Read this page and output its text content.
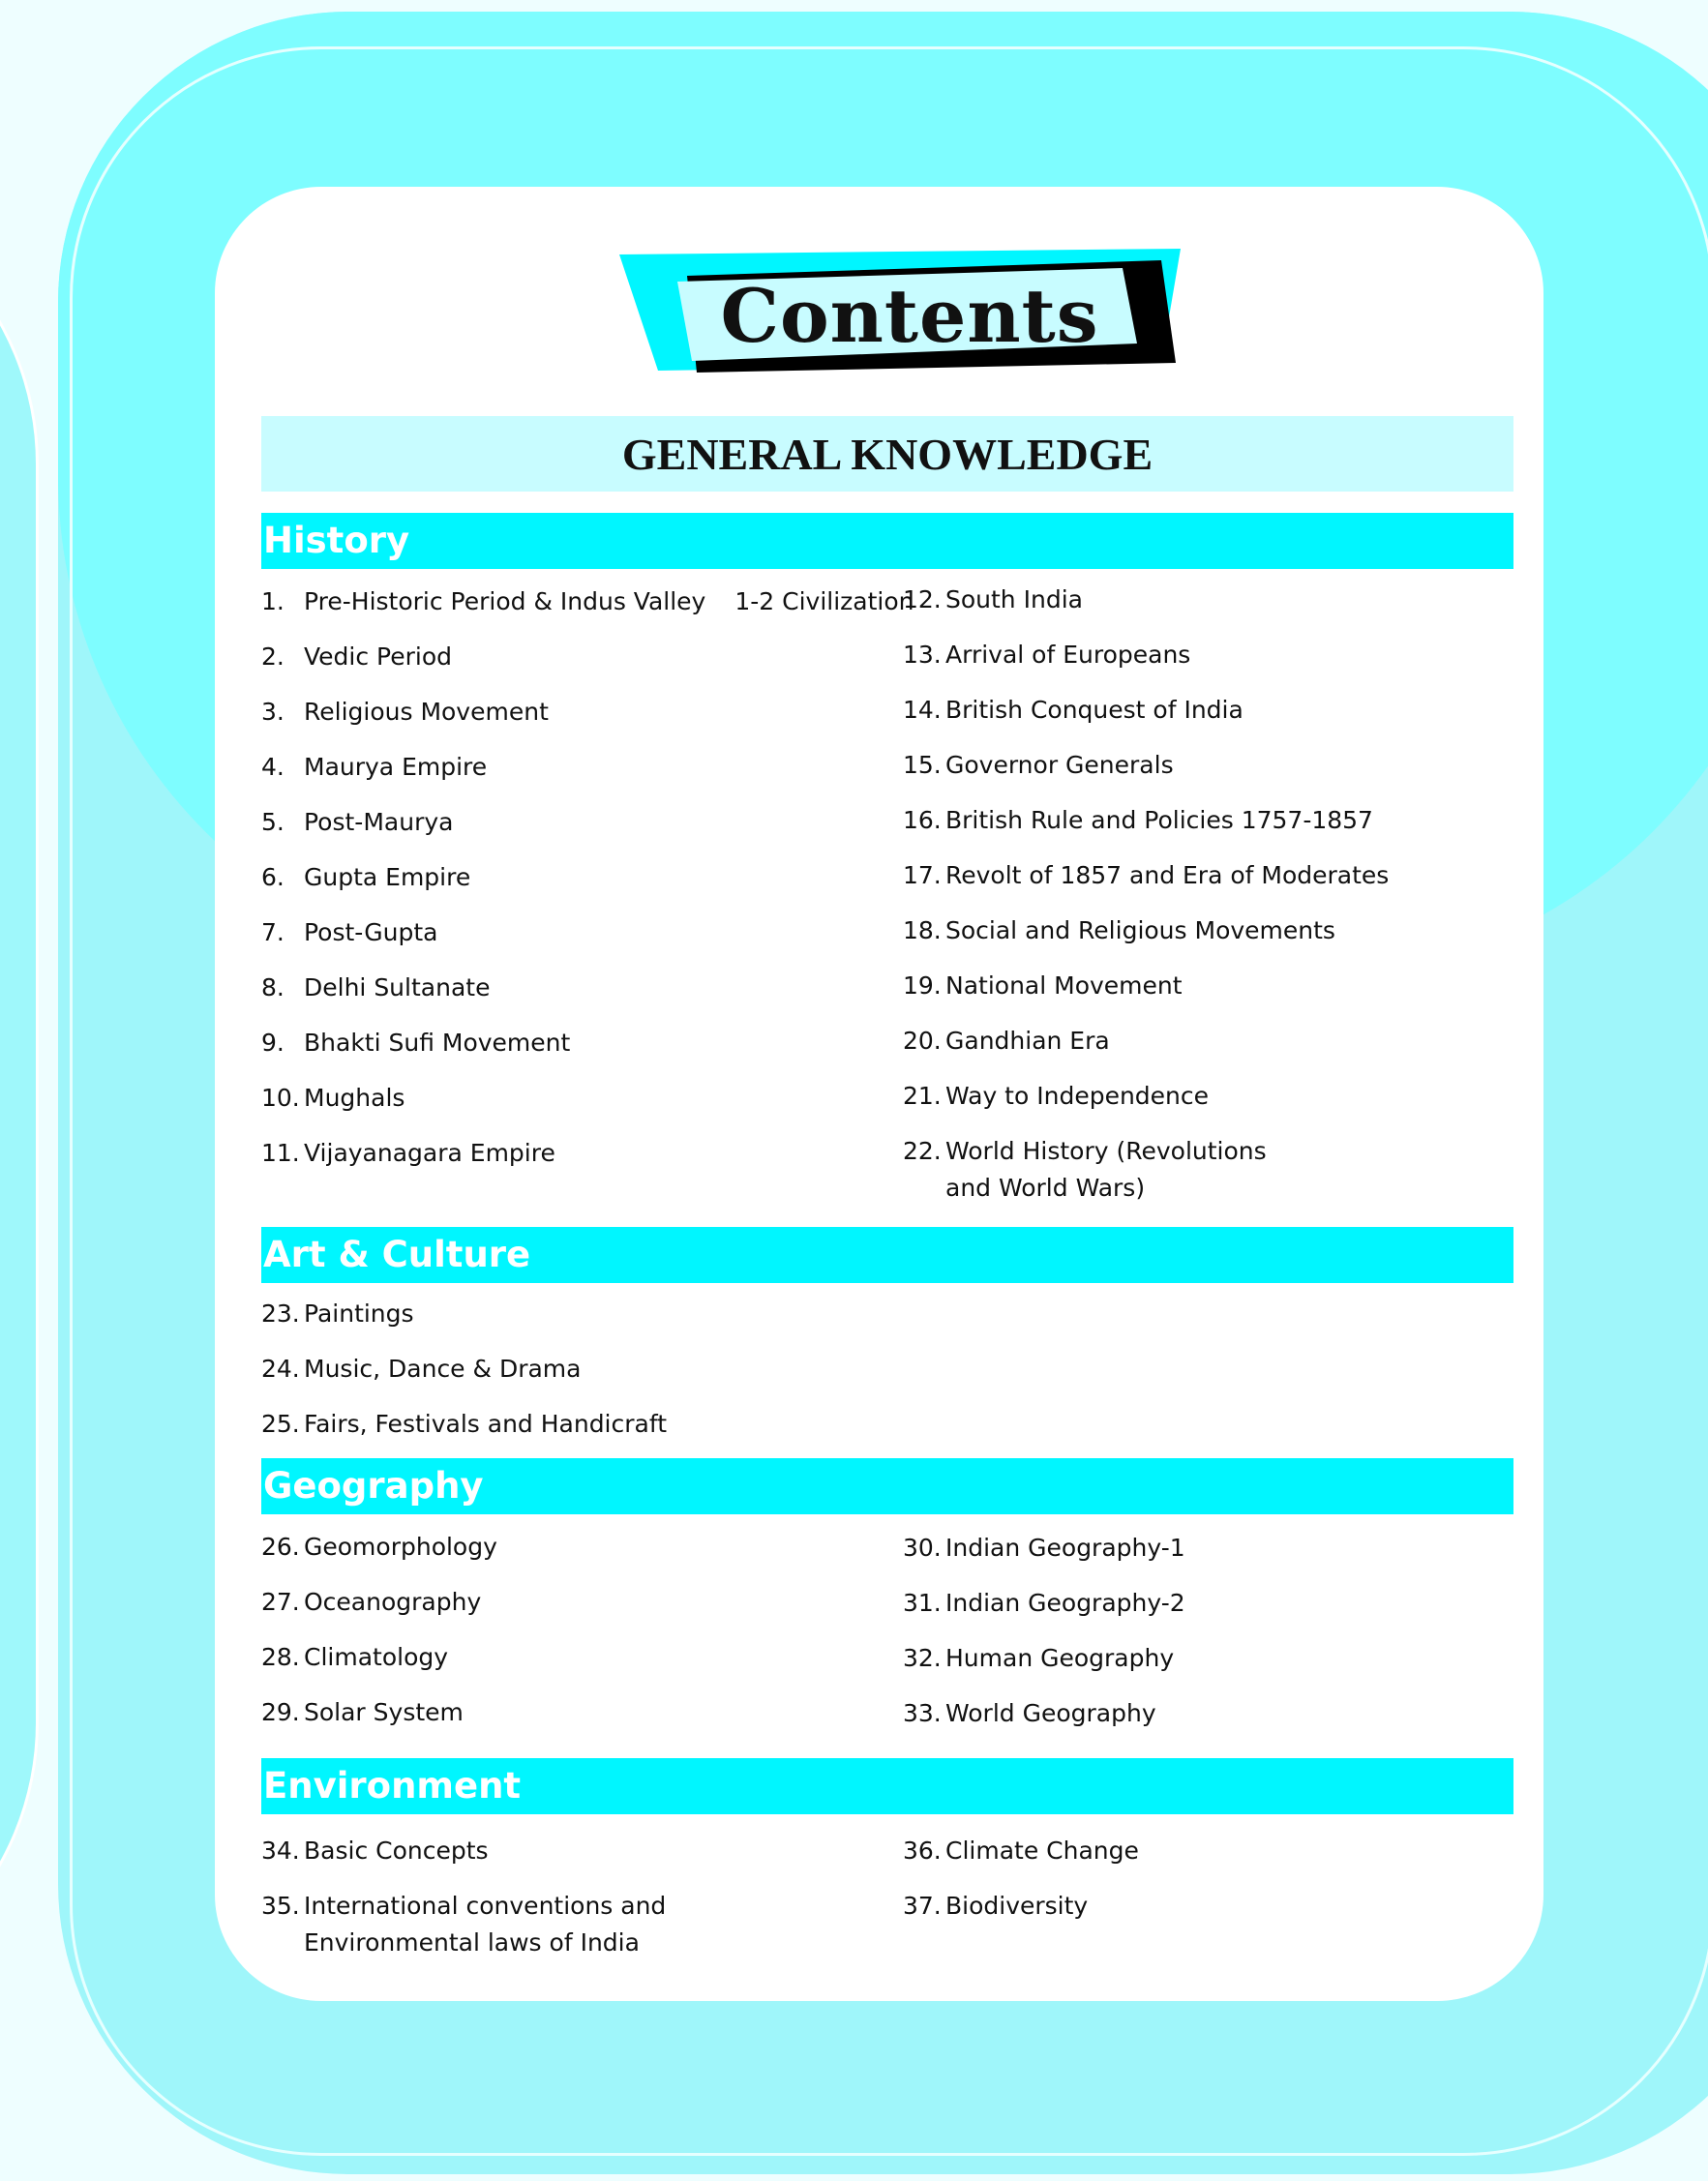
Contents
GENERAL KNOWLEDGE
History
1. Pre-Historic Period & Indus Valley 1-2 Civilization
2. Vedic Period
3. Religious Movement
4. Maurya Empire
5. Post-Maurya
6. Gupta Empire
7. Post-Gupta
8. Delhi Sultanate
9. Bhakti Sufi Movement
10. Mughals
11. Vijayanagara Empire
12. South India
13. Arrival of Europeans
14. British Conquest of India
15. Governor Generals
16. British Rule and Policies 1757-1857
17. Revolt of 1857 and Era of Moderates
18. Social and Religious Movements
19. National Movement
20. Gandhian Era
21. Way to Independence
22. World History (Revolutions
and World Wars)
Art & Culture
23. Paintings
24. Music, Dance & Drama
25. Fairs, Festivals and Handicraft
Geography
26. Geomorphology
27. Oceanography
28. Climatology
29. Solar System
30. Indian Geography-1
31. Indian Geography-2
32. Human Geography
33. World Geography
Environment
34. Basic Concepts
35. International conventions and
Environmental laws of India
36. Climate Change
37. Biodiversity
